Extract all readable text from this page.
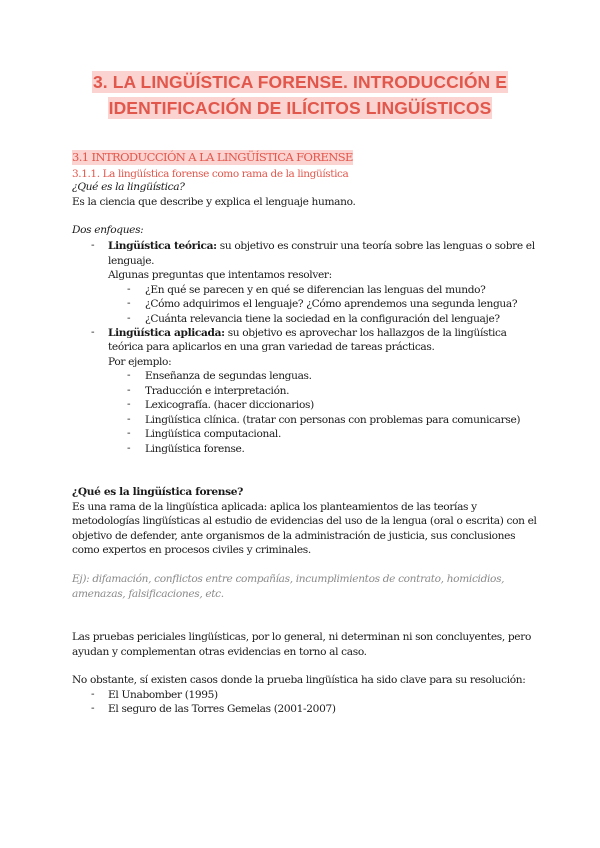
3. LA LINGÜÍSTICA FORENSE. INTRODUCCIÓN E
IDENTIFICACIÓN DE ILÍCITOS LINGÜÍSTICOS
3.1 INTRODUCCIÓN A LA LINGÜÍSTICA FORENSE
3.1.1. La lingüística forense como rama de la lingüística
¿Qué es la lingüística?
Es la ciencia que describe y explica el lenguaje humano.
Dos enfoques:
- Lingüística teórica: su objetivo es construir una teoría sobre las lenguas o sobre el
lenguaje.
Algunas preguntas que intentamos resolver:
- ¿En qué se parecen y en qué se diferencian las lenguas del mundo?
- ¿Cómo adquirimos el lenguaje? ¿Cómo aprendemos una segunda lengua?
- ¿Cuánta relevancia tiene la sociedad en la configuración del lenguaje?
- Lingüística aplicada: su objetivo es aprovechar los hallazgos de la lingüística
teórica para aplicarlos en una gran variedad de tareas prácticas.
Por ejemplo:
- Enseñanza de segundas lenguas.
- Traducción e interpretación.
- Lexicografía. (hacer diccionarios)
- Lingüística clínica. (tratar con personas con problemas para comunicarse)
- Lingüística computacional.
- Lingüística forense.
¿Qué es la lingüística forense?
Es una rama de la lingüística aplicada: aplica los planteamientos de las teorías y
metodologías lingüísticas al estudio de evidencias del uso de la lengua (oral o escrita) con el
objetivo de defender, ante organismos de la administración de justicia, sus conclusiones
como expertos en procesos civiles y criminales.
Ej): difamación, conflictos entre compañías, incumplimientos de contrato, homicidios,
amenazas, falsificaciones, etc.
Las pruebas periciales lingüísticas, por lo general, ni determinan ni son concluyentes, pero
ayudan y complementan otras evidencias en torno al caso.
No obstante, sí existen casos donde la prueba lingüística ha sido clave para su resolución:
- El Unabomber (1995)
- El seguro de las Torres Gemelas (2001-2007)
